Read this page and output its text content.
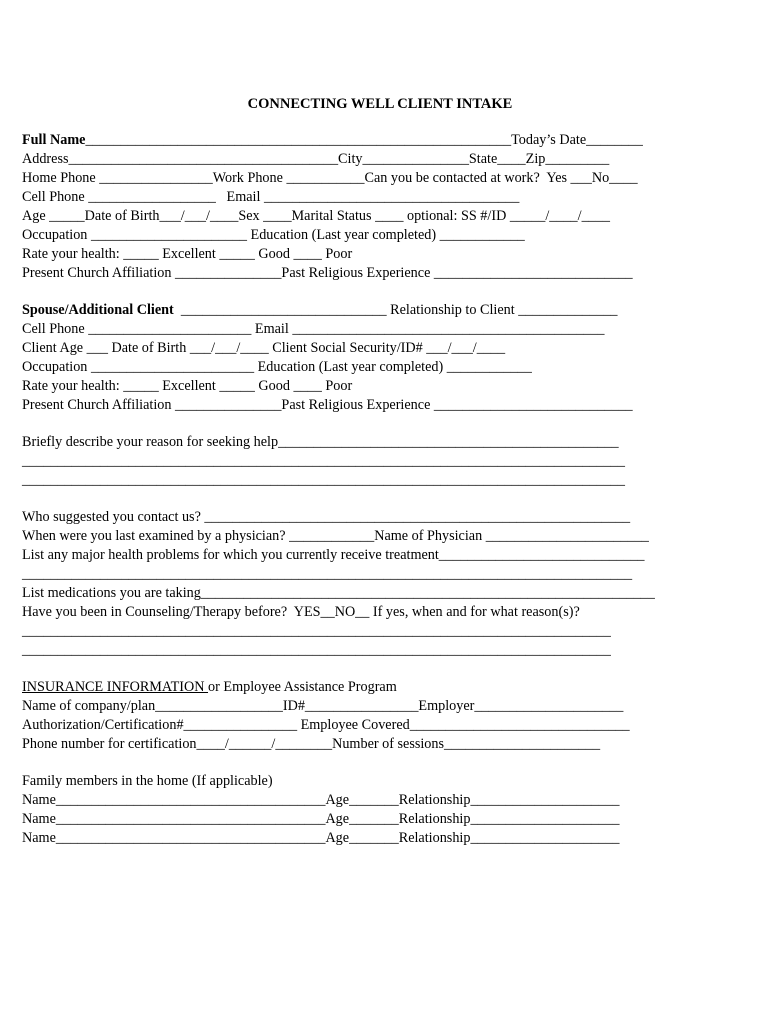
CONNECTING WELL CLIENT INTAKE
Full Name____________________________________________________________Today’s Date________
Address______________________________________City_______________State____Zip_________
Home Phone ________________Work Phone ___________Can you be contacted at work?  Yes ___No____
Cell Phone __________________   Email ____________________________________
Age _____Date of Birth___/___/____Sex ____Marital Status ____ optional: SS #/ID _____/____/____
Occupation ______________________ Education (Last year completed) ____________
Rate your health: _____ Excellent _____ Good ____ Poor
Present Church Affiliation _______________Past Religious Experience ____________________________
Spouse/Additional Client  _____________________________ Relationship to Client ______________
Cell Phone _______________________ Email ____________________________________________
Client Age ___ Date of Birth ___/___/____ Client Social Security/ID# ___/___/____
Occupation _______________________ Education (Last year completed) ____________
Rate your health: _____ Excellent _____ Good ____ Poor
Present Church Affiliation _______________Past Religious Experience ____________________________
Briefly describe your reason for seeking help________________________________________________
_____________________________________________________________________________________
_____________________________________________________________________________________
Who suggested you contact us? ____________________________________________________________
When were you last examined by a physician? ____________Name of Physician _______________________
List any major health problems for which you currently receive treatment_____________________________
______________________________________________________________________________________
List medications you are taking________________________________________________________________
Have you been in Counseling/Therapy before?  YES__NO__ If yes, when and for what reason(s)?
___________________________________________________________________________________
___________________________________________________________________________________
INSURANCE INFORMATION or Employee Assistance Program
Name of company/plan__________________ID#________________Employer_____________________
Authorization/Certification#________________ Employee Covered_______________________________
Phone number for certification____/______/________Number of sessions______________________
Family members in the home (If applicable)
Name______________________________________Age_______Relationship_____________________
Name______________________________________Age_______Relationship_____________________
Name______________________________________Age_______Relationship_____________________
